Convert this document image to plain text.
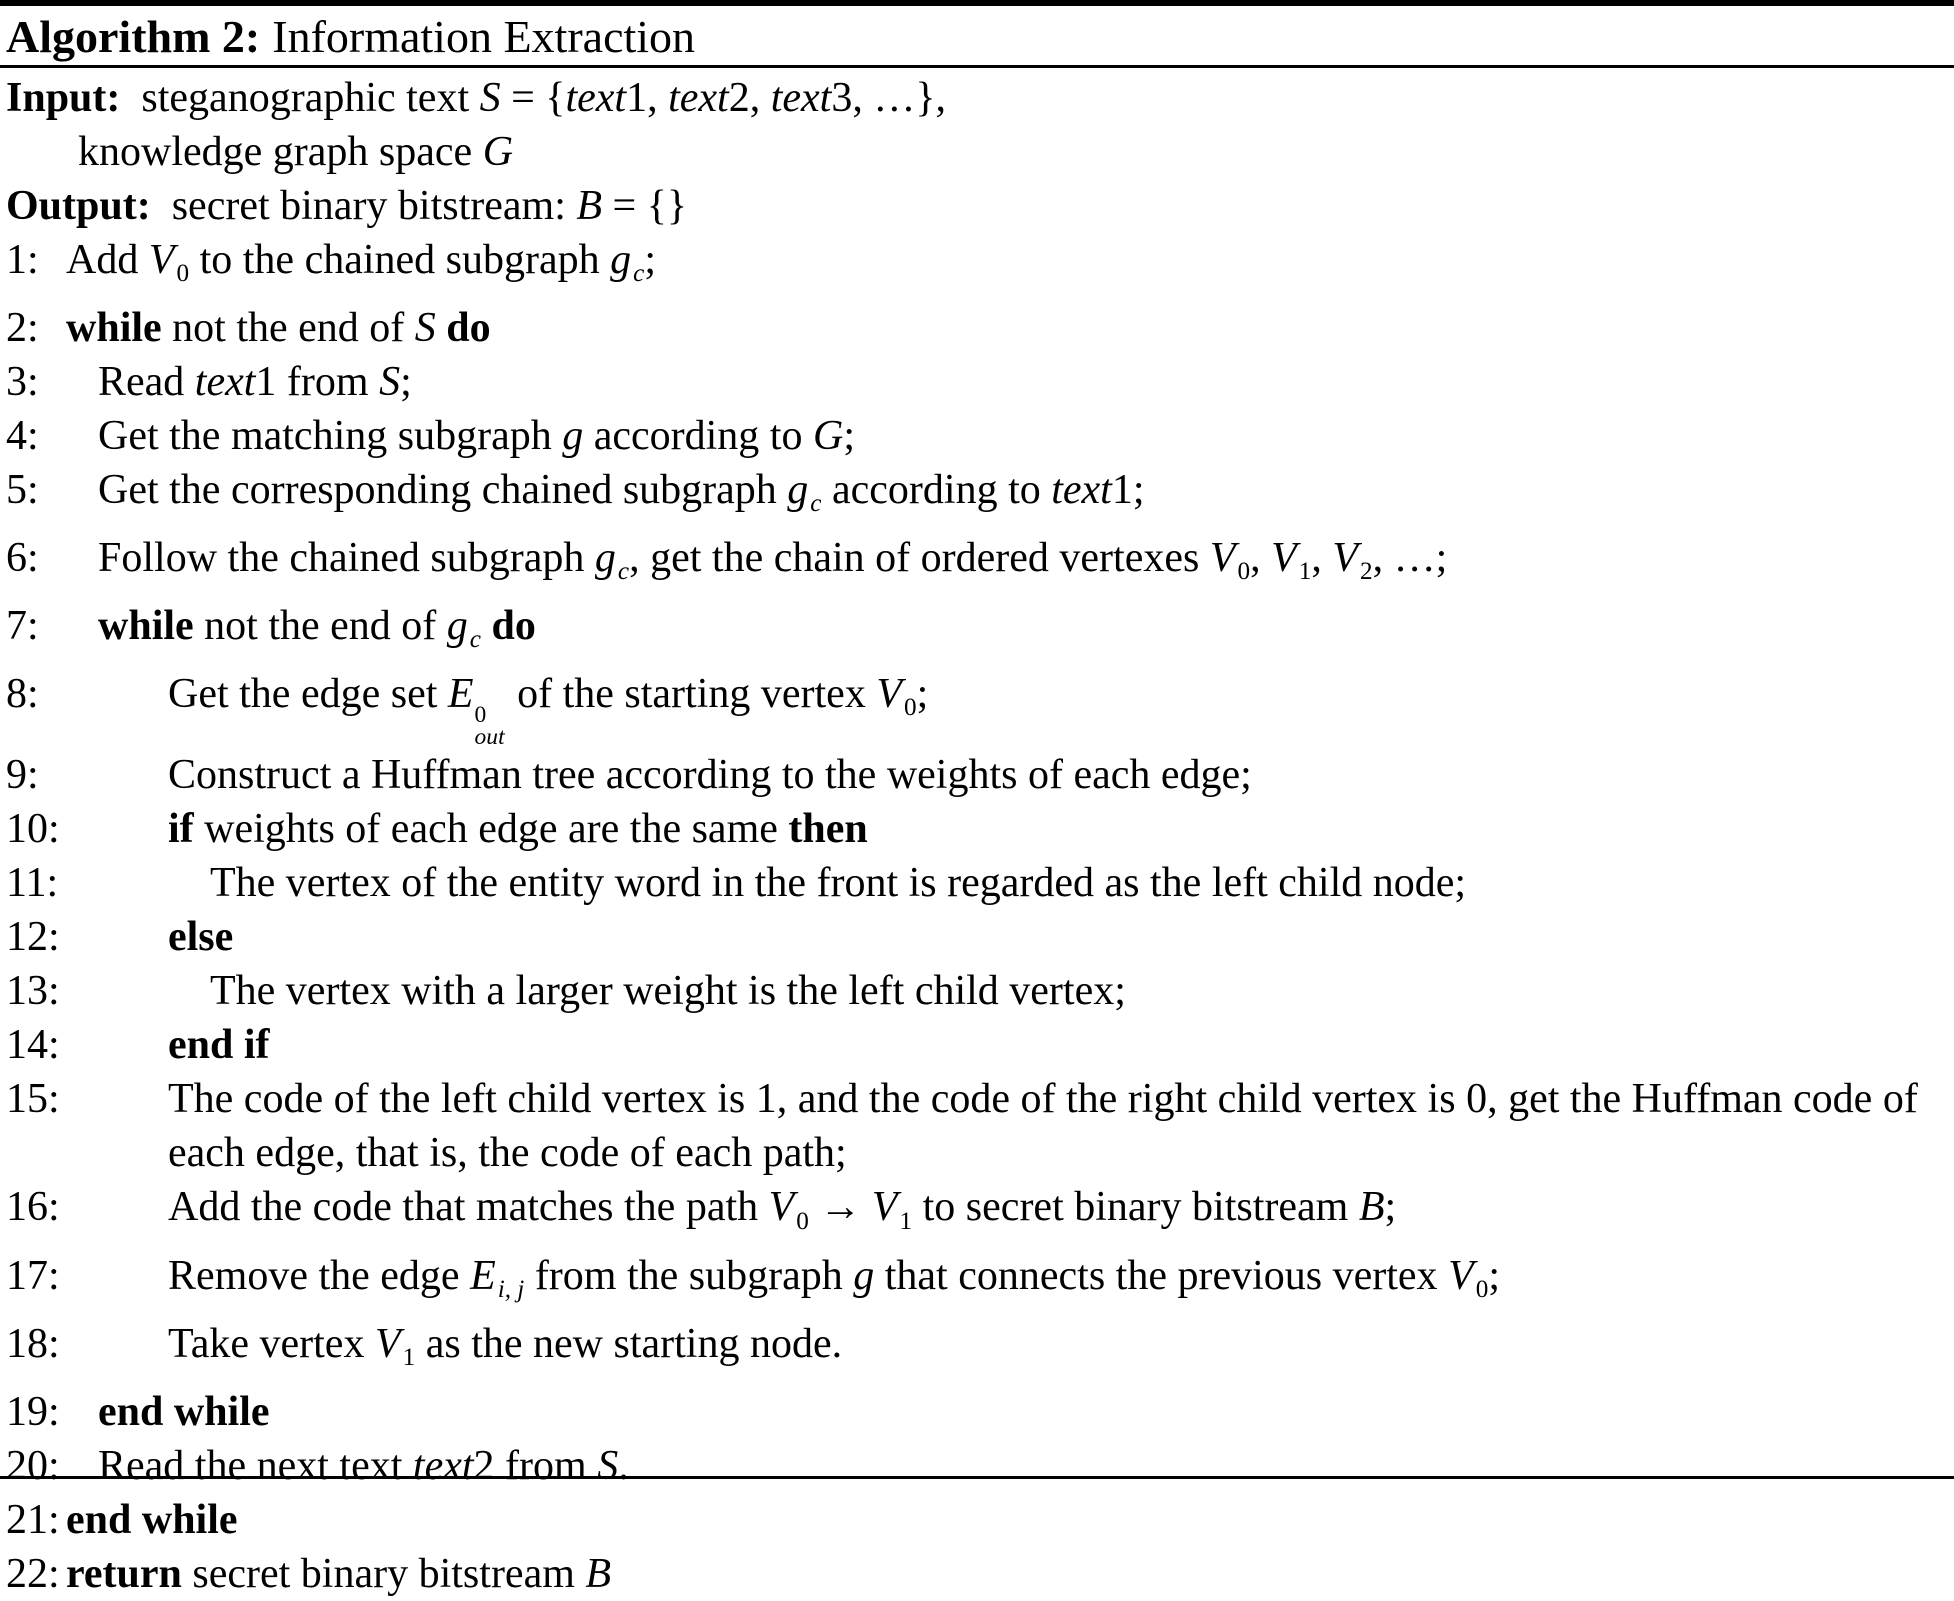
Algorithm 2: Information Extraction
Input:  steganographic text S = {text1, text2, text3, …},
knowledge graph space G
Output:  secret binary bitstream: B = {}
1: Add $V_0$ to the chained subgraph gc;
2: while not the end of S do
3:	Read text1 from S;
4:	Get the matching subgraph g according to G;
5:	Get the corresponding chained subgraph gc according to text1;
6:	Follow the chained subgraph gc, get the chain of ordered vertexes $V_0$, $V_1$, $V_2$, …;
7:	while not the end of gc do
8:	Get the edge set E 0
out
of the starting vertex $V_0$;
9:	Construct a Huffman tree according to the weights of each edge;
10:	if weights of each edge are the same then
11:	The vertex of the entity word in the front is regarded as the left child node;
12:	else
13:	The vertex with a larger weight is the left child vertex;
14:	end if
15:	The code of the left child vertex is 1, and the code of the right child vertex is 0, get the Huffman code of each edge, that is, the code of each path;
16:	Add the code that matches the path $V_0 \to V_1$ to secret binary bitstream B;
17:	Remove the edge Ei, j from the subgraph g that connects the previous vertex $V_0$;
18:	Take vertex $V_1$ as the new starting node.
19: end while
20: Read the next text text2 from S.
21: end while
22: return secret binary bitstream B
